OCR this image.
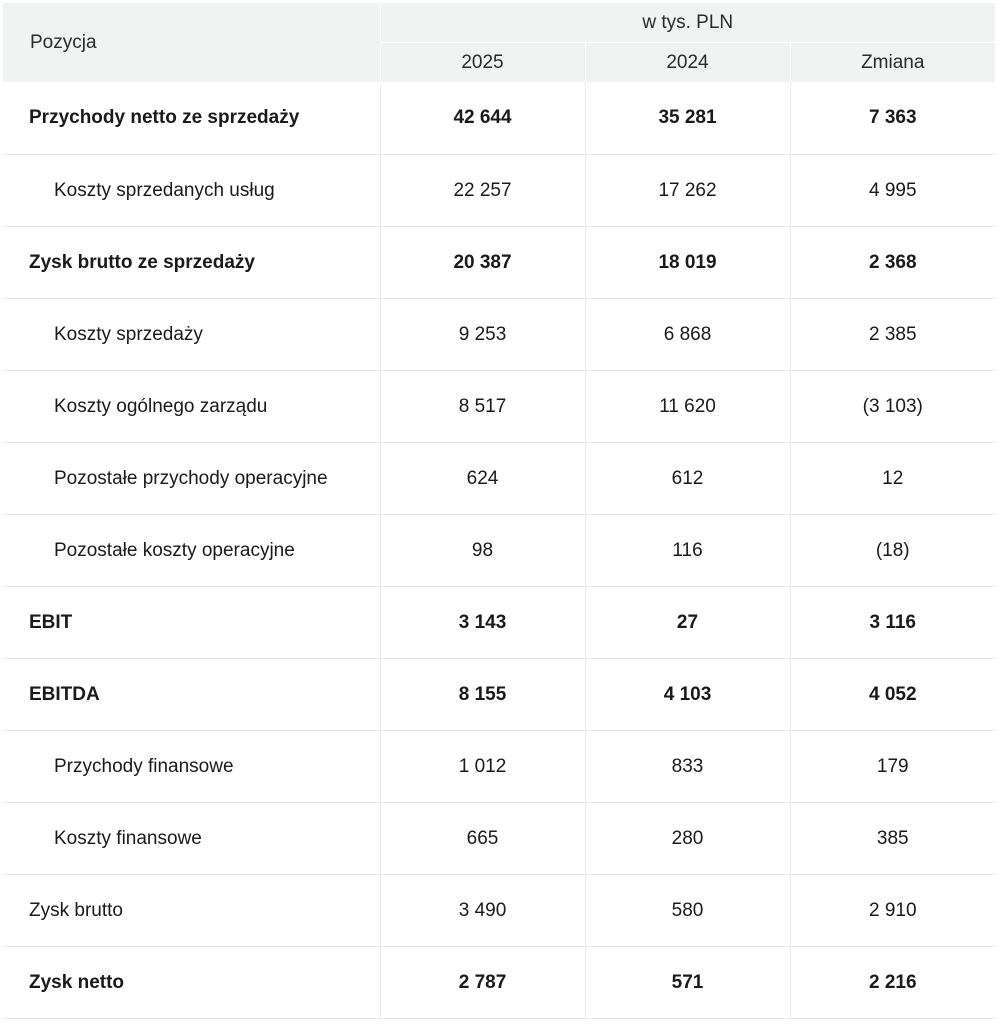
Pozycja	w tys. PLN		
	2025	2024	Zmiana
Przychody netto ze sprzedaży	42 644	35 281	7 363
Koszty sprzedanych usług	22 257	17 262	4 995
Zysk brutto ze sprzedaży	20 387	18 019	2 368
Koszty sprzedaży	9 253	6 868	2 385
Koszty ogólnego zarządu	8 517	11 620	(3 103)
Pozostałe przychody operacyjne	624	612	12
Pozostałe koszty operacyjne	98	116	(18)
EBIT	3 143	27	3 116
EBITDA	8 155	4 103	4 052
Przychody finansowe	1 012	833	179
Koszty finansowe	665	280	385
Zysk brutto	3 490	580	2 910
Zysk netto	2 787	571	2 216
